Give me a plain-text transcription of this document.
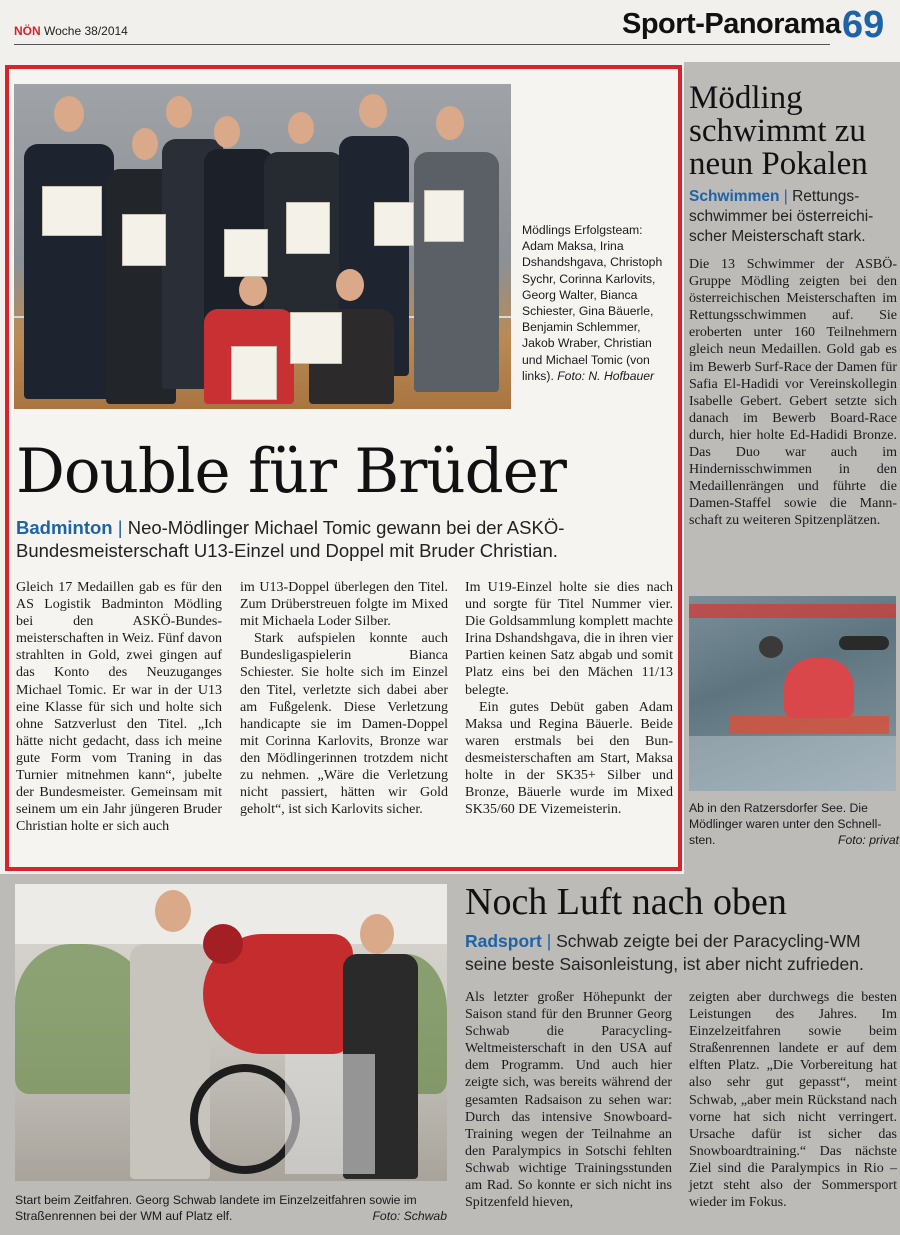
NÖN Woche 38/2014	Sport-Panorama 69
Mödlings Erfolgsteam: Adam Maksa, Irina Dshandshgava, Christoph Sychr, Corinna Karlovits, Georg Walter, Bianca Schiester, Gina Bäuerle, Benjamin Schlemmer, Jakob Wraber, Christian und Michael Tomic (von links). Foto: N. Hofbauer
Double für Brüder
Badminton | Neo-Mödlinger Michael Tomic gewann bei der ASKÖ-Bundesmeisterschaft U13-Einzel und Doppel mit Bruder Christian.

Gleich 17 Medaillen gab es für den AS Logistik Badminton Mödling bei den ASKÖ-Bundesmeisterschaften in Weiz. Fünf davon strahlten in Gold, zwei gingen auf das Konto des Neuzuganges Michael Tomic. Er war in der U13 eine Klasse für sich und holte sich ohne Satzverlust den Titel. „Ich hätte nicht gedacht, dass ich meine gute Form vom Traning in das Turnier mitnehmen kann“, jubelte der Bundesmeister. Gemeinsam mit seinem um ein Jahr jüngeren Bruder Christian holte er sich auch

im U13-Doppel überlegen den Titel. Zum Drüberstreuen folgte im Mixed mit Michaela Loder Silber.

Stark aufspielen konnte auch Bundesligaspielerin Bianca Schiester. Sie holte sich im Einzel den Titel, verletzte sich dabei aber am Fußgelenk. Diese Verletzung handicapte sie im Damen-Doppel mit Corinna Karlovits, Bronze war den Mödlingerinnen trotzdem nicht zu nehmen. „Wäre die Verletzung nicht passiert, hätten wir Gold geholt“, ist sich Karlovits sicher.

Im U19-Einzel holte sie dies nach und sorgte für Titel Nummer vier. Die Goldsammlung komplett machte Irina Dshandshgava, die in ihren vier Partien keinen Satz abgab und somit Platz eins bei den Mächen 11/13 belegte.

Ein gutes Debüt gaben Adam Maksa und Regina Bäuerle. Beide waren erstmals bei den Bundesmeisterschaften am Start, Maksa holte in der SK35+ Silber und Bronze, Bäuerle wurde im Mixed SK35/60 DE Vizemeisterin.

Mödling schwimmt zu neun Pokalen
Schwimmen | Rettungsschwimmer bei österreichischer Meisterschaft stark.

Die 13 Schwimmer der ASBÖ-Gruppe Mödling zeigten bei den österreichischen Meisterschaften im Rettungsschwimmen auf. Sie eroberten unter 160 Teilnehmern gleich neun Medaillen. Gold gab es im Bewerb Surf-Race der Damen für Safia El-Hadidi vor Vereinskollegin Isabelle Gebert. Gebert setzte sich danach im Bewerb Board-Race durch, hier holte Ed-Hadidi Bronze. Das Duo war auch im Hindernisschwimmen in den Medaillenrängen und führte die Damen-Staffel sowie die Mannschaft zu weiteren Spitzenplätzen.

Ab in den Ratzersdorfer See. Die Mödlinger waren unter den Schnellsten.	Foto: privat
Noch Luft nach oben
Radsport | Schwab zeigte bei der Paracycling-WM seine beste Saisonleistung, ist aber nicht zufrieden.

Als letzter großer Höhepunkt der Saison stand für den Brunner Georg Schwab die Paracycling-Weltmeisterschaft in den USA auf dem Programm. Und auch hier zeigte sich, was bereits während der gesamten Radsaison zu sehen war: Durch das intensive Snowboard-Training wegen der Teilnahme an den Paralympics in Sotschi fehlten Schwab wichtige Trainingsstunden am Rad. So konnte er sich nicht ins Spitzenfeld hieven,

zeigten aber durchwegs die besten Leistungen des Jahres. Im Einzelzeitfahren sowie beim Straßenrennen landete er auf dem elften Platz. „Die Vorbereitung hat also sehr gut gepasst“, meint Schwab, „aber mein Rückstand nach vorne hat sich nicht verringert. Ursache dafür ist sicher das Snowboardtraining.“ Das nächste Ziel sind die Paralympics in Rio – jetzt steht also der Sommersport wieder im Fokus.

Start beim Zeitfahren. Georg Schwab landete im Einzelzeitfahren sowie im Straßenrennen bei der WM auf Platz elf.	Foto: Schwab
